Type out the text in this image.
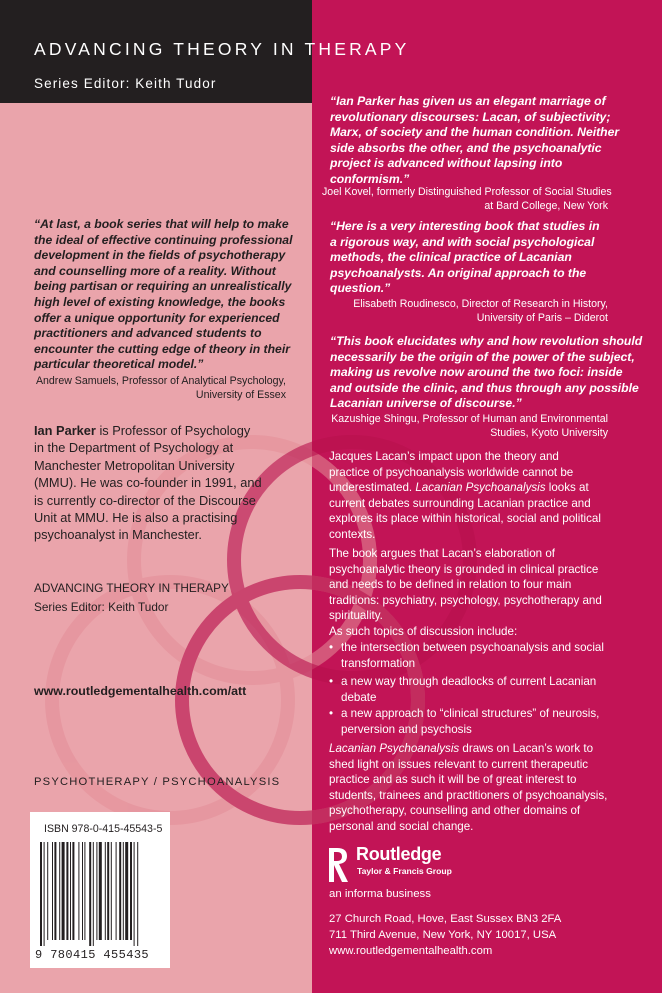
ADVANCING THEORY IN THERAPY
Series Editor: Keith Tudor
“At last, a book series that will help to make
the ideal of effective continuing professional
development in the fields of psychotherapy
and counselling more of a reality. Without
being partisan or requiring an unrealistically
high level of existing knowledge, the books
offer a unique opportunity for experienced
practitioners and advanced students to
encounter the cutting edge of theory in their
particular theoretical model.”
Andrew Samuels, Professor of Analytical Psychology,
University of Essex
Ian Parker is Professor of Psychology
in the Department of Psychology at
Manchester Metropolitan University
(MMU). He was co-founder in 1991, and
is currently co-director of the Discourse
Unit at MMU. He is also a practising
psychoanalyst in Manchester.
ADVANCING THEORY IN THERAPY
Series Editor: Keith Tudor
www.routledgementalhealth.com/att
PSYCHOTHERAPY / PSYCHOANALYSIS
ISBN 978-0-415-45543-5
9 780415 455435
“Ian Parker has given us an elegant marriage of
revolutionary discourses: Lacan, of subjectivity;
Marx, of society and the human condition. Neither
side absorbs the other, and the psychoanalytic
project is advanced without lapsing into
conformism.”
Joel Kovel, formerly Distinguished Professor of Social Studies
at Bard College, New York
“Here is a very interesting book that studies in
a rigorous way, and with social psychological
methods, the clinical practice of Lacanian
psychoanalysts. An original approach to the
question.”
Elisabeth Roudinesco, Director of Research in History,
University of Paris – Diderot
“This book elucidates why and how revolution should
necessarily be the origin of the power of the subject,
making us revolve now around the two foci: inside
and outside the clinic, and thus through any possible
Lacanian universe of discourse.”
Kazushige Shingu, Professor of Human and Environmental
Studies, Kyoto University
Jacques Lacan’s impact upon the theory and
practice of psychoanalysis worldwide cannot be
underestimated. Lacanian Psychoanalysis looks at
current debates surrounding Lacanian practice and
explores its place within historical, social and political
contexts.
The book argues that Lacan’s elaboration of
psychoanalytic theory is grounded in clinical practice
and needs to be defined in relation to four main
traditions: psychiatry, psychology, psychotherapy and
spirituality.
As such topics of discussion include:
• the intersection between psychoanalysis and social
transformation
• a new way through deadlocks of current Lacanian
debate
• a new approach to “clinical structures” of neurosis,
perversion and psychosis
Lacanian Psychoanalysis draws on Lacan’s work to
shed light on issues relevant to current therapeutic
practice and as such it will be of great interest to
students, trainees and practitioners of psychoanalysis,
psychotherapy, counselling and other domains of
personal and social change.
Routledge
Taylor & Francis Group
an informa business
27 Church Road, Hove, East Sussex BN3 2FA
711 Third Avenue, New York, NY 10017, USA
www.routledgementalhealth.com
